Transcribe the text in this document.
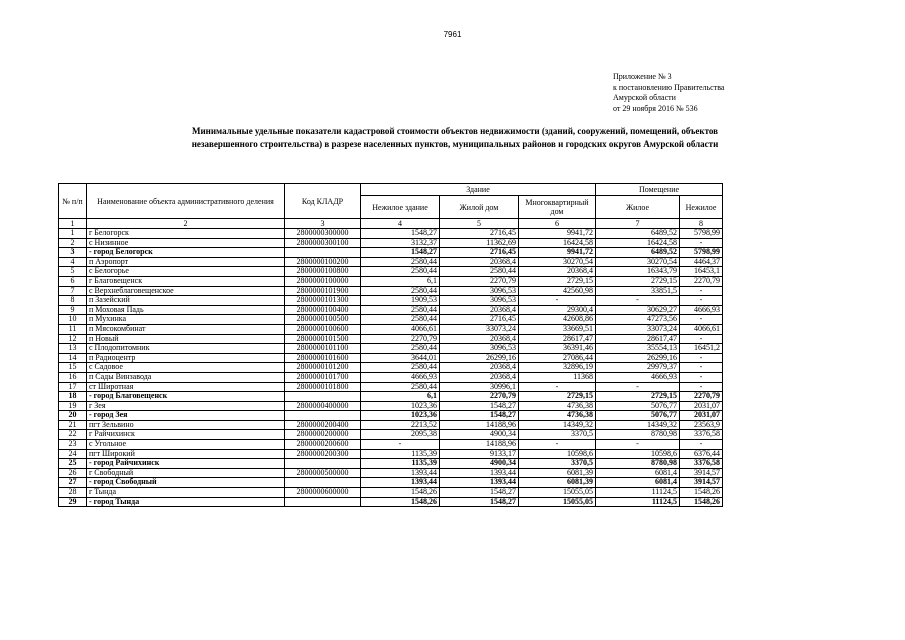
7961
Приложение № 3
к постановлению Правительства
Амурской области
от 29 ноября 2016 № 536
Минимальные удельные показатели кадастровой стоимости объектов недвижимости (зданий, сооружений, помещений, объектов
незавершенного строительства) в разрезе населенных пунктов, муниципальных районов и городских округов Амурской области
№ п/п	Наименование объекта административного деления	Код КЛАДР	Здание			Помещение	
			Нежилое здание	Жилой дом	Многоквартирный дом	Жилое	Нежилое
1	2	3	4	5	6	7	8
1	г Белогорск	2800000300000	1548,27	2716,45	9941,72	6489,52	5798,99
2	с Низинное	2800000300100	3132,37	11362,69	16424,58	16424,58	-
3	- город Белогорск		1548,27	2716,45	9941,72	6489,52	5798,99
4	п Аэропорт	2800000100200	2580,44	20368,4	30270,54	30270,54	4464,37
5	с Белогорье	2800000100800	2580,44	2580,44	20368,4	16343,79	16453,1
6	г Благовещенск	2800000100000	6,1	2270,79	2729,15	2729,15	2270,79
7	с Верхнеблаговещенское	2800000101900	2580,44	3096,53	42560,98	33851,5	-
8	п Зазейский	2800000101300	1909,53	3096,53	-	-	-
9	п Моховая Падь	2800000100400	2580,44	20368,4	29300,4	30629,27	4666,93
10	п Мухинка	2800000100500	2580,44	2716,45	42608,86	47273,56	-
11	п Мясокомбинат	2800000100600	4066,61	33073,24	33669,51	33073,24	4066,61
12	п Новый	2800000101500	2270,79	20368,4	28617,47	28617,47	-
13	с Плодопитомник	2800000101100	2580,44	3096,53	36391,46	35554,13	16451,2
14	п Радиоцентр	2800000101600	3644,01	26299,16	27086,44	26299,16	-
15	с Садовое	2800000101200	2580,44	20368,4	32896,19	29979,37	-
16	п Сады Винзавода	2800000101700	4666,93	20368,4	11368	4666,93	-
17	ст Широтная	2800000101800	2580,44	30996,1	-	-	-
18	- город Благовещенск		6,1	2270,79	2729,15	2729,15	2270,79
19	г Зея	2800000400000	1023,36	1548,27	4736,38	5076,77	2031,07
20	- город Зея		1023,36	1548,27	4736,38	5076,77	2031,07
21	пгт Зельвино	2800000200400	2213,52	14188,96	14349,32	14349,32	23563,9
22	г Райчихинск	2800000200000	2095,38	4900,34	3370,5	8780,98	3376,58
23	с Угольное	2800000200600	-	14188,96	-	-	-
24	пгт Широкий	2800000200300	1135,39	9133,17	10598,6	10598,6	6376,44
25	- город Райчихинск		1135,39	4900,34	3370,5	8780,98	3376,58
26	г Свободный	2800000500000	1393,44	1393,44	6081,39	6081,4	3914,57
27	- город Свободный		1393,44	1393,44	6081,39	6081,4	3914,57
28	г Тында	2800000600000	1548,26	1548,27	15055,05	11124,5	1548,26
29	- город Тында		1548,26	1548,27	15055,05	11124,5	1548,26
